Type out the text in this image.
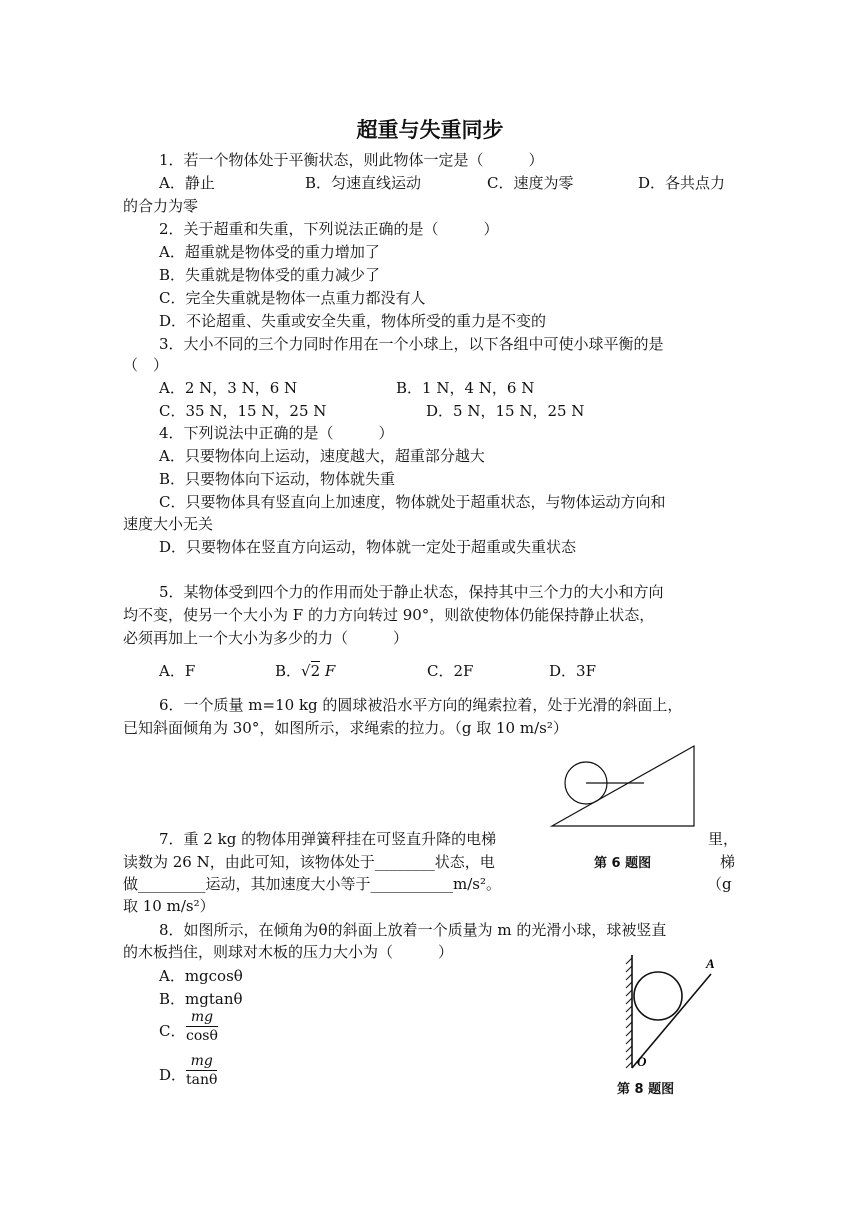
超重与失重同步
1．若一个物体处于平衡状态，则此物体一定是（　　　）
A．静止	B．匀速直线运动	C．速度为零	D．各共点力
的合力为零
2．关于超重和失重，下列说法正确的是（　　　）
A．超重就是物体受的重力增加了
B．失重就是物体受的重力减少了
C．完全失重就是物体一点重力都没有人
D．不论超重、失重或安全失重，物体所受的重力是不变的
3．大小不同的三个力同时作用在一个小球上，以下各组中可使小球平衡的是
（　）
A．2 N，3 N，6 N	B．1 N，4 N，6 N
C．35 N，15 N，25 N	D．5 N，15 N，25 N
4．下列说法中正确的是（　　　）
A．只要物体向上运动，速度越大，超重部分越大
B．只要物体向下运动，物体就失重
C．只要物体具有竖直向上加速度，物体就处于超重状态，与物体运动方向和
速度大小无关
D．只要物体在竖直方向运动，物体就一定处于超重或失重状态
5．某物体受到四个力的作用而处于静止状态，保持其中三个力的大小和方向
均不变，使另一个大小为 F 的力方向转过 90°，则欲使物体仍能保持静止状态，
必须再加上一个大小为多少的力（　　　）
A．F	B．√2 F	C．2F	D．3F
6．一个质量 m=10 kg 的圆球被沿水平方向的绳索拉着，处于光滑的斜面上，
已知斜面倾角为 30°，如图所示，求绳索的拉力。（g 取 10 m/s²）
第 6 题图
7．重 2 kg 的物体用弹簧秤挂在可竖直升降的电梯	里，
读数为 26 N，由此可知，该物体处于________状态，电	梯
做_________运动，其加速度大小等于___________m/s²。	（g
取 10 m/s²）
8．如图所示，在倾角为θ的斜面上放着一个质量为 m 的光滑小球，球被竖直
的木板挡住，则球对木板的压力大小为（　　　）
A．mgcosθ
B．mgtanθ
C． $\frac{mg}{\cos\theta}$
D． $\frac{mg}{\tan\theta}$
A
O
第 8 题图
